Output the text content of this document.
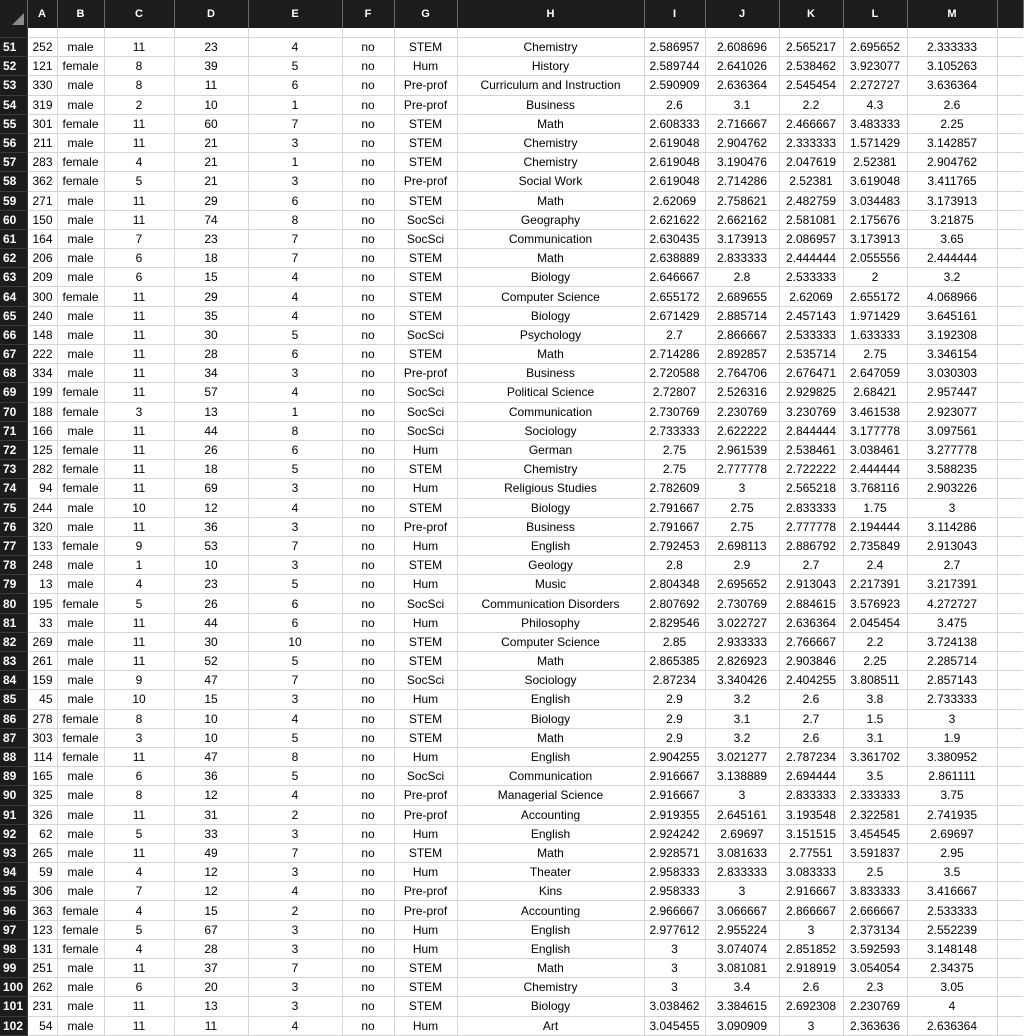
	A	B	C	D	E	F	G	H	I	J	K	L	M	

51	252	male	11	23	4	no	STEM	Chemistry	2.586957	2.608696	2.565217	2.695652	2.333333	
52	121	female	8	39	5	no	Hum	History	2.589744	2.641026	2.538462	3.923077	3.105263	
53	330	male	8	11	6	no	Pre-prof	Curriculum and Instruction	2.590909	2.636364	2.545454	2.272727	3.636364	
54	319	male	2	10	1	no	Pre-prof	Business	2.6	3.1	2.2	4.3	2.6	
55	301	female	11	60	7	no	STEM	Math	2.608333	2.716667	2.466667	3.483333	2.25	
56	211	male	11	21	3	no	STEM	Chemistry	2.619048	2.904762	2.333333	1.571429	3.142857	
57	283	female	4	21	1	no	STEM	Chemistry	2.619048	3.190476	2.047619	2.52381	2.904762	
58	362	female	5	21	3	no	Pre-prof	Social Work	2.619048	2.714286	2.52381	3.619048	3.411765	
59	271	male	11	29	6	no	STEM	Math	2.62069	2.758621	2.482759	3.034483	3.173913	
60	150	male	11	74	8	no	SocSci	Geography	2.621622	2.662162	2.581081	2.175676	3.21875	
61	164	male	7	23	7	no	SocSci	Communication	2.630435	3.173913	2.086957	3.173913	3.65	
62	206	male	6	18	7	no	STEM	Math	2.638889	2.833333	2.444444	2.055556	2.444444	
63	209	male	6	15	4	no	STEM	Biology	2.646667	2.8	2.533333	2	3.2	
64	300	female	11	29	4	no	STEM	Computer Science	2.655172	2.689655	2.62069	2.655172	4.068966	
65	240	male	11	35	4	no	STEM	Biology	2.671429	2.885714	2.457143	1.971429	3.645161	
66	148	male	11	30	5	no	SocSci	Psychology	2.7	2.866667	2.533333	1.633333	3.192308	
67	222	male	11	28	6	no	STEM	Math	2.714286	2.892857	2.535714	2.75	3.346154	
68	334	male	11	34	3	no	Pre-prof	Business	2.720588	2.764706	2.676471	2.647059	3.030303	
69	199	female	11	57	4	no	SocSci	Political Science	2.72807	2.526316	2.929825	2.68421	2.957447	
70	188	female	3	13	1	no	SocSci	Communication	2.730769	2.230769	3.230769	3.461538	2.923077	
71	166	male	11	44	8	no	SocSci	Sociology	2.733333	2.622222	2.844444	3.177778	3.097561	
72	125	female	11	26	6	no	Hum	German	2.75	2.961539	2.538461	3.038461	3.277778	
73	282	female	11	18	5	no	STEM	Chemistry	2.75	2.777778	2.722222	2.444444	3.588235	
74	94	female	11	69	3	no	Hum	Religious Studies	2.782609	3	2.565218	3.768116	2.903226	
75	244	male	10	12	4	no	STEM	Biology	2.791667	2.75	2.833333	1.75	3	
76	320	male	11	36	3	no	Pre-prof	Business	2.791667	2.75	2.777778	2.194444	3.114286	
77	133	female	9	53	7	no	Hum	English	2.792453	2.698113	2.886792	2.735849	2.913043	
78	248	male	1	10	3	no	STEM	Geology	2.8	2.9	2.7	2.4	2.7	
79	13	male	4	23	5	no	Hum	Music	2.804348	2.695652	2.913043	2.217391	3.217391	
80	195	female	5	26	6	no	SocSci	Communication Disorders	2.807692	2.730769	2.884615	3.576923	4.272727	
81	33	male	11	44	6	no	Hum	Philosophy	2.829546	3.022727	2.636364	2.045454	3.475	
82	269	male	11	30	10	no	STEM	Computer Science	2.85	2.933333	2.766667	2.2	3.724138	
83	261	male	11	52	5	no	STEM	Math	2.865385	2.826923	2.903846	2.25	2.285714	
84	159	male	9	47	7	no	SocSci	Sociology	2.87234	3.340426	2.404255	3.808511	2.857143	
85	45	male	10	15	3	no	Hum	English	2.9	3.2	2.6	3.8	2.733333	
86	278	female	8	10	4	no	STEM	Biology	2.9	3.1	2.7	1.5	3	
87	303	female	3	10	5	no	STEM	Math	2.9	3.2	2.6	3.1	1.9	
88	114	female	11	47	8	no	Hum	English	2.904255	3.021277	2.787234	3.361702	3.380952	
89	165	male	6	36	5	no	SocSci	Communication	2.916667	3.138889	2.694444	3.5	2.861111	
90	325	male	8	12	4	no	Pre-prof	Managerial Science	2.916667	3	2.833333	2.333333	3.75	
91	326	male	11	31	2	no	Pre-prof	Accounting	2.919355	2.645161	3.193548	2.322581	2.741935	
92	62	male	5	33	3	no	Hum	English	2.924242	2.69697	3.151515	3.454545	2.69697	
93	265	male	11	49	7	no	STEM	Math	2.928571	3.081633	2.77551	3.591837	2.95	
94	59	male	4	12	3	no	Hum	Theater	2.958333	2.833333	3.083333	2.5	3.5	
95	306	male	7	12	4	no	Pre-prof	Kins	2.958333	3	2.916667	3.833333	3.416667	
96	363	female	4	15	2	no	Pre-prof	Accounting	2.966667	3.066667	2.866667	2.666667	2.533333	
97	123	female	5	67	3	no	Hum	English	2.977612	2.955224	3	2.373134	2.552239	
98	131	female	4	28	3	no	Hum	English	3	3.074074	2.851852	3.592593	3.148148	
99	251	male	11	37	7	no	STEM	Math	3	3.081081	2.918919	3.054054	2.34375	
100	262	male	6	20	3	no	STEM	Chemistry	3	3.4	2.6	2.3	3.05	
101	231	male	11	13	3	no	STEM	Biology	3.038462	3.384615	2.692308	2.230769	4	
102	54	male	11	11	4	no	Hum	Art	3.045455	3.090909	3	2.363636	2.636364	
